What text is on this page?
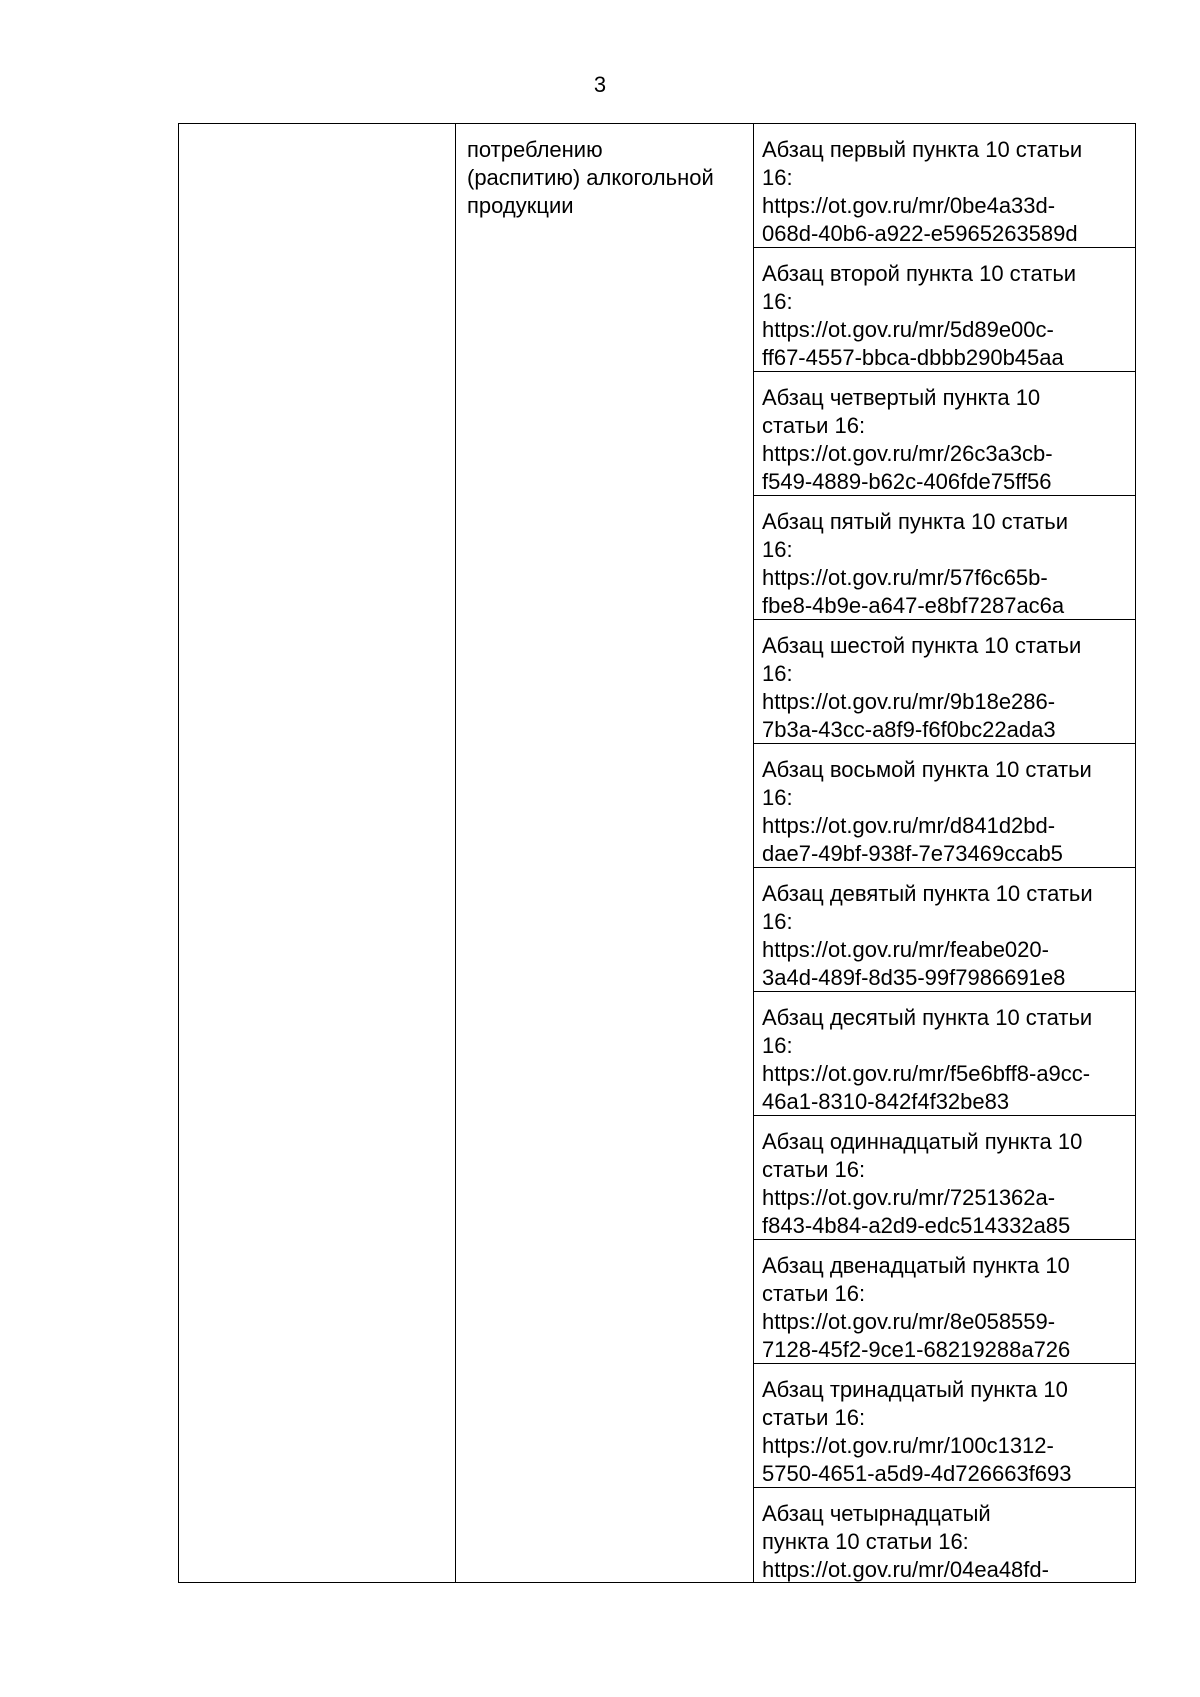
3
потреблению
(распитию) алкогольной
продукции
Абзац первый пункта 10 статьи
16:
https://ot.gov.ru/mr/0be4a33d-
068d-40b6-a922-e5965263589d
Абзац второй пункта 10 статьи
16:
https://ot.gov.ru/mr/5d89e00c-
ff67-4557-bbca-dbbb290b45aa
Абзац четвертый пункта 10
статьи 16:
https://ot.gov.ru/mr/26c3a3cb-
f549-4889-b62c-406fde75ff56
Абзац пятый пункта 10 статьи
16:
https://ot.gov.ru/mr/57f6c65b-
fbe8-4b9e-a647-e8bf7287ac6a
Абзац шестой пункта 10 статьи
16:
https://ot.gov.ru/mr/9b18e286-
7b3a-43cc-a8f9-f6f0bc22ada3
Абзац восьмой пункта 10 статьи
16:
https://ot.gov.ru/mr/d841d2bd-
dae7-49bf-938f-7e73469ccab5
Абзац девятый пункта 10 статьи
16:
https://ot.gov.ru/mr/feabe020-
3a4d-489f-8d35-99f7986691e8
Абзац десятый пункта 10 статьи
16:
https://ot.gov.ru/mr/f5e6bff8-a9cc-
46a1-8310-842f4f32be83
Абзац одиннадцатый пункта 10
статьи 16:
https://ot.gov.ru/mr/7251362a-
f843-4b84-a2d9-edc514332a85
Абзац двенадцатый пункта 10
статьи 16:
https://ot.gov.ru/mr/8e058559-
7128-45f2-9ce1-68219288a726
Абзац тринадцатый пункта 10
статьи 16:
https://ot.gov.ru/mr/100c1312-
5750-4651-a5d9-4d726663f693
Абзац четырнадцатый
пункта 10 статьи 16:
https://ot.gov.ru/mr/04ea48fd-
